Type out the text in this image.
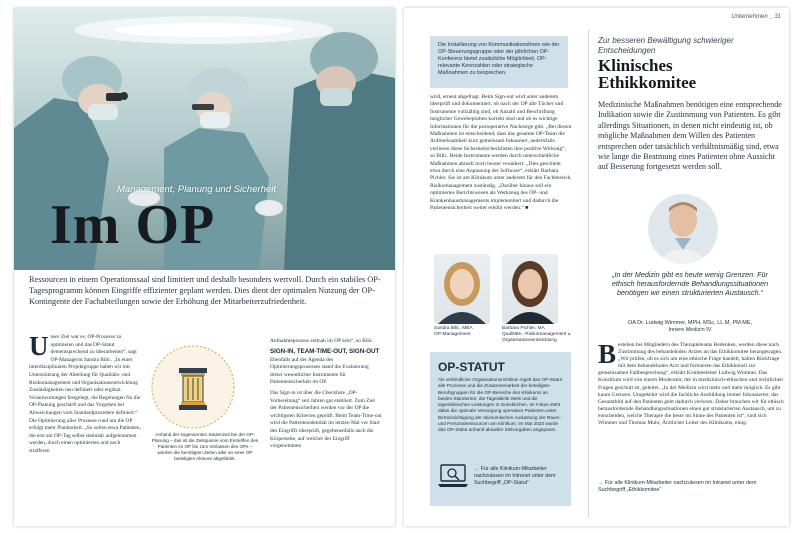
Management, Planung und Sicherheit
Im OP
Ressourcen in einem Operationssaal sind limitiert und deshalb besonders wertvoll. Durch ein stabiles OP-Tagesprogramm können Eingriffe effizienter geplant werden. Dies dient der optimalen Nutzung der OP-Kontingente der Fachabteilungen sowie der Erhöhung der Mitarbeiterzufriedenheit.
Unser Ziel war es, OP-Prozesse zu optimieren und das OP-Statut dementsprechend zu überarbeiten“, sagt OP-Managerin Sandra Bilic. „In einer interdisziplinären Projektgruppe haben wir mit Unterstützung der Abteilung für Qualitäts- und Risikomanagement und Organisationsentwicklung Zuständigkeiten neu definiert oder ergänzt. Verantwortungen festgelegt, die Regelungen für die OP-Planung geschärft und das Vorgehen bei Abweichungen vom Standardprozedere definiert.“ Die Optimierung aller Prozesse rund um die OP erfolgt mehr Planbarkeit. „So sollen etwa Patienten, die erst am OP-Tag selbst stationär aufgenommen werden, durch einen optimierten und noch strafferen
Anhand der sogenannten Säulenzeit bei der OP-Planung – das ist die Zeitspanne vom Eintreffen des Patienten im OP bis zum Verlassen des OPs – werden die benötigten Zeiten aller an einer OP beteiligten Akteure abgebildet.
Aufnahmeprozess zeitnah im OP sein“, so Bilic.
SIGN-IN, TEAM-TIME-OUT, SIGN-OUT
Ebenfalls auf der Agenda des Optimierungsprozesses stand die Evaluierung dreier wesentlicher Instrumente für Patientensicherheit im OP.
Das Sign-in ist über die Checkliste „OP-Vorbereitung“ seit Jahren gut etabliert. Zum Ziel der Patientensicherheit werden vor der OP die wichtigsten Kriterien geprüft. Beim Team-Time-out wird die Patientenidentität im letzten Mal vor Start des Eingriffs überprüft, gegebenenfalls auch die Körperseite, auf welcher der Eingriff vorgenommen
Unternehmen _ 31
Die Installierung von Kommunikationsforen wie der OP-Steuerungsgruppe oder der jährlichen OP-Konferenz bietet zusätzliche Möglichkeit, OP-relevante Kennzahlen oder strategische Maßnahmen zu besprechen.
wird, erneut abgefragt. Beim Sign-out wird unter anderem überprüft und dokumentiert, ob nach der OP alle Tücher und Instrumente vollzählig sind, ob Anzahl und Beschriftung möglicher Gewebeproben korrekt sind und ob es wichtige Informationen für die postoperative Nachsorge gibt. „Bei diesen Maßnahmen ist entscheidend, dass das gesamte OP-Team die Aufmerksamkeit kurz gemeinsam fokussiert, andernfalls verlieren diese Sicherheitschecklisten ihre positive Wirkung“, so Bilic. Beide Instrumente werden durch unterschiedliche Maßnahmen aktuell noch besser verankert: „Dies geschieht etwa durch eine Anpassung der Software“, erklärt Barbara Pichler. Sie ist am Klinikum unter anderem für den Fachbereich Risikomanagement zuständig. „Darüber hinaus soll ein optimiertes Berichtswesen als Werkzeug des OP- und Krankenhausmanagements implementiert und dadurch die Patientensicherheit weiter erhöht werden.“ ■
Sandra Bilic, MBA
OP-Management
Barbara Pichler, MA
Qualitäts-, Risikomanagement u. Organisationsentwicklung
OP-STATUT

Als verbindliche Organisationsrichtlinie regelt das OP-Statut alle Prozesse und die Zusammenarbeit der beteiligten Berufsgruppen für die OP-Bereiche des Klinikums an beiden Standorten, die Tagesklinik Wels und die tagesklinischen Leistungen in Grieskirchen. Im Fokus steht dabei die optimale Versorgung operativer Patienten unter Berücksichtigung der ökonomischen Auslastung der Raum- und Personalressourcen am Klinikum. Im Mai 2023 wurde das OP-Statut anhand aktueller Zielvorgaben angepasst.

→ Für alle Klinikum-Mitarbeiter nachzulesen im Intranet unter dem Suchbegriff „OP-Statut“
Zur besseren Bewältigung schwieriger Entscheidungen
Klinisches
Ethikkomitee
Medizinische Maßnahmen benötigen eine entsprechende Indikation sowie die Zustimmung von Patienten. Es gibt allerdings Situationen, in denen nicht eindeutig ist, ob mögliche Maßnahmen dem Willen des Patienten entsprechen oder tatsächlich verhältnismäßig sind, etwa wie lange die Beatmung eines Patienten ohne Aussicht auf Besserung fortgesetzt werden soll.
„In der Medizin gibt es heute wenig Grenzen. Für ethisch herausfordernde Behandlungssituationen benötigen wir einen strukturierten Austausch.“
OA Dr. Ludwig Wimmer, MPH, MSc, LL.M, PM.ME,
Innere Medizin IV
Bestehen bei Mitgliedern des Therapieteams Bedenken, werden diese nach Zustimmung des behandelnden Arztes an das Ethikkomitee herangetragen. „Wir prüfen, ob es sich um eine ethische Frage handelt, halten Rückfrage mit dem behandelnden Arzt und formieren das Ethikkonsil zur gemeinsamen Fallbesprechung“, erklärt Komiteeleiter Ludwig Wimmer. Das Konsilium wird von einem Moderator, der in medizinisch-ethischen und rechtlichen Fragen geschult ist, geleitet. „In der Medizin wird mehr und mehr möglich. Es gibt kaum Grenzen. Umgekehrt wird die fachliche Ausbildung immer fokussierter, das Gesamtbild auf den Patienten geht dadurch verloren. Daher brauchen wir für ethisch herausfordernde Behandlungssituationen einen gut strukturierten Austausch, um zu entscheiden, welche Therapie die beste im Sinne des Patienten ist“, sind sich Wimmer und Thomas Muhr, Ärztlicher Leiter des Klinikums, einig.
→ Für alle Klinikum-Mitarbeiter nachzulesen im Intranet unter dem Suchbegriff „Ethikkomitee“
